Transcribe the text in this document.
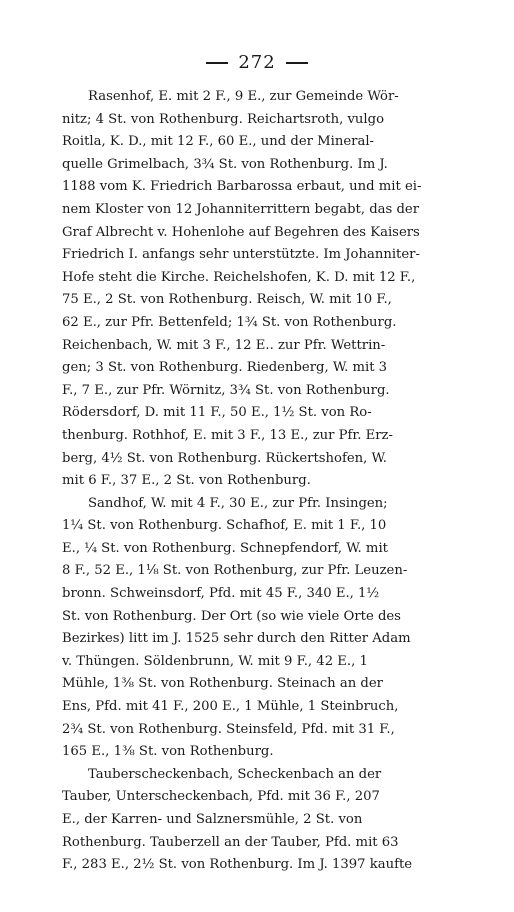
272
Rasenhof, E. mit 2 F., 9 E., zur Gemeinde Wör-
nitz; 4 St. von Rothenburg. Reichartsroth, vulgo
Roitla, K. D., mit 12 F., 60 E., und der Mineral-
quelle Grimelbach, 3¾ St. von Rothenburg. Im J.
1188 vom K. Friedrich Barbarossa erbaut, und mit ei-
nem Kloster von 12 Johanniterrittern begabt, das der
Graf Albrecht v. Hohenlohe auf Begehren des Kaisers
Friedrich I. anfangs sehr unterstützte. Im Johanniter-
Hofe steht die Kirche. Reichelshofen, K. D. mit 12 F.,
75 E., 2 St. von Rothenburg. Reisch, W. mit 10 F.,
62 E., zur Pfr. Bettenfeld; 1¾ St. von Rothenburg.
Reichenbach, W. mit 3 F., 12 E.. zur Pfr. Wettrin-
gen; 3 St. von Rothenburg. Riedenberg, W. mit 3
F., 7 E., zur Pfr. Wörnitz, 3¾ St. von Rothenburg.
Rödersdorf, D. mit 11 F., 50 E., 1½ St. von Ro-
thenburg. Rothhof, E. mit 3 F., 13 E., zur Pfr. Erz-
berg, 4½ St. von Rothenburg. Rückertshofen, W.
mit 6 F., 37 E., 2 St. von Rothenburg.
Sandhof, W. mit 4 F., 30 E., zur Pfr. Insingen;
1¼ St. von Rothenburg. Schafhof, E. mit 1 F., 10
E., ¼ St. von Rothenburg. Schnepfendorf, W. mit
8 F., 52 E., 1⅛ St. von Rothenburg, zur Pfr. Leuzen-
bronn. Schweinsdorf, Pfd. mit 45 F., 340 E., 1½
St. von Rothenburg. Der Ort (so wie viele Orte des
Bezirkes) litt im J. 1525 sehr durch den Ritter Adam
v. Thüngen. Söldenbrunn, W. mit 9 F., 42 E., 1
Mühle, 1⅜ St. von Rothenburg. Steinach an der
Ens, Pfd. mit 41 F., 200 E., 1 Mühle, 1 Steinbruch,
2¾ St. von Rothenburg. Steinsfeld, Pfd. mit 31 F.,
165 E., 1⅜ St. von Rothenburg.
Tauberscheckenbach, Scheckenbach an der
Tauber, Unterscheckenbach, Pfd. mit 36 F., 207
E., der Karren- und Salznersmühle, 2 St. von
Rothenburg. Tauberzell an der Tauber, Pfd. mit 63
F., 283 E., 2½ St. von Rothenburg. Im J. 1397 kaufte
